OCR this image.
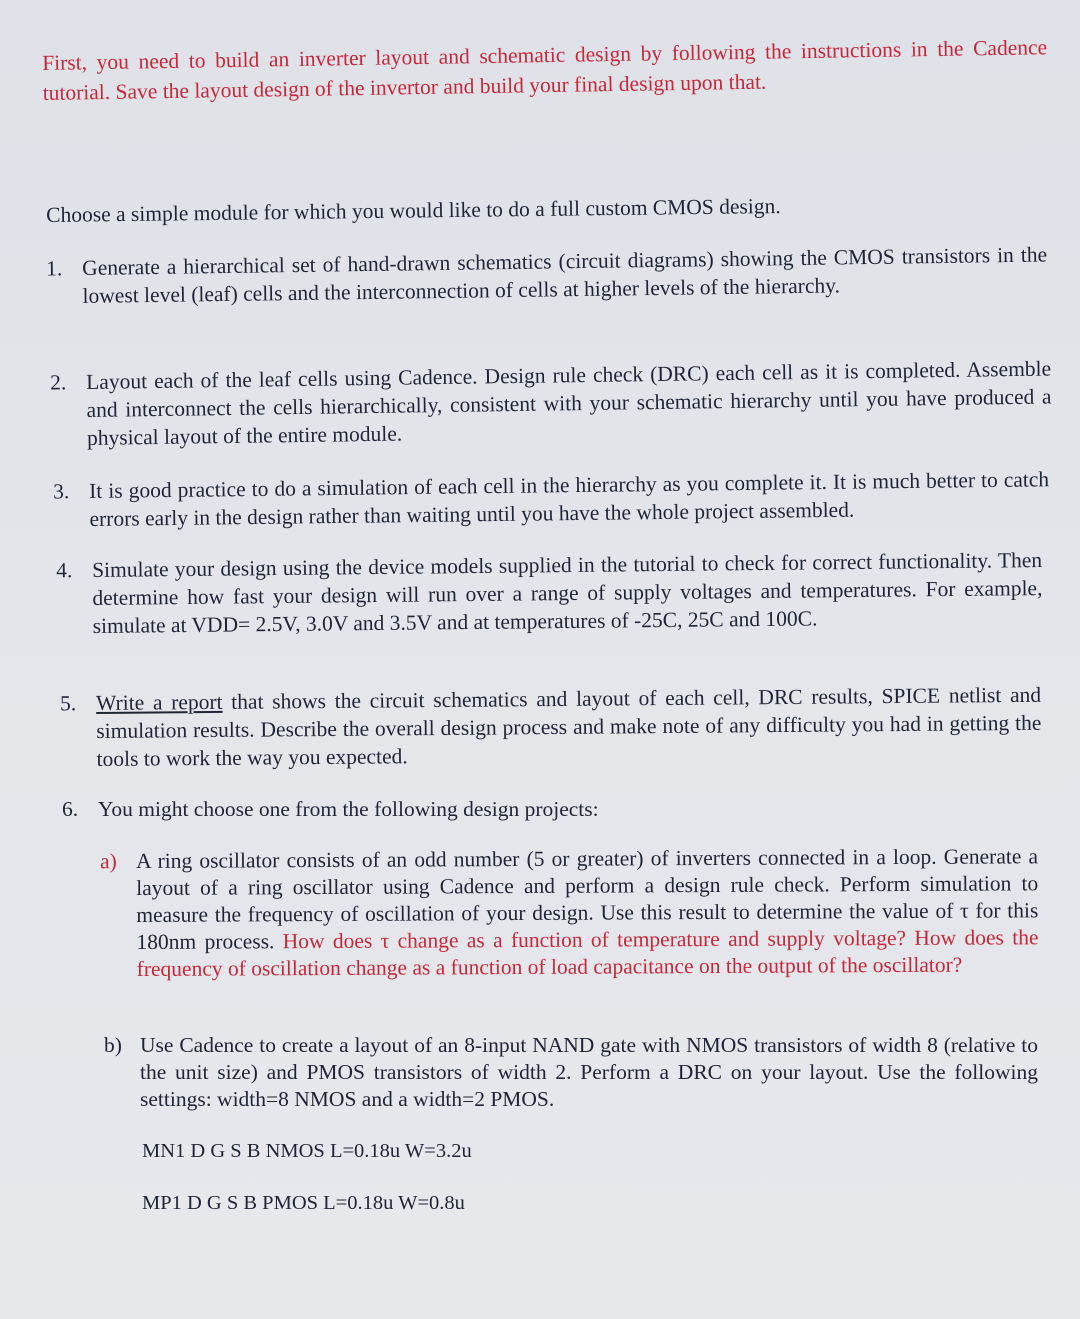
First, you need to build an inverter layout and schematic design by following the instructions in the Cadence tutorial. Save the layout design of the invertor and build your final design upon that.
Choose a simple module for which you would like to do a full custom CMOS design.
1. Generate a hierarchical set of hand-drawn schematics (circuit diagrams) showing the CMOS transistors in the lowest level (leaf) cells and the interconnection of cells at higher levels of the hierarchy.
2. Layout each of the leaf cells using Cadence. Design rule check (DRC) each cell as it is completed. Assemble and interconnect the cells hierarchically, consistent with your schematic hierarchy until you have produced a physical layout of the entire module.
3. It is good practice to do a simulation of each cell in the hierarchy as you complete it. It is much better to catch errors early in the design rather than waiting until you have the whole project assembled.
4. Simulate your design using the device models supplied in the tutorial to check for correct functionality. Then determine how fast your design will run over a range of supply voltages and temperatures. For example, simulate at VDD= 2.5V, 3.0V and 3.5V and at temperatures of -25C, 25C and 100C.
5. Write a report that shows the circuit schematics and layout of each cell, DRC results, SPICE netlist and simulation results. Describe the overall design process and make note of any difficulty you had in getting the tools to work the way you expected.
6. You might choose one from the following design projects:
a) A ring oscillator consists of an odd number (5 or greater) of inverters connected in a loop. Generate a layout of a ring oscillator using Cadence and perform a design rule check. Perform simulation to measure the frequency of oscillation of your design. Use this result to determine the value of τ for this 180nm process. How does τ change as a function of temperature and supply voltage? How does the frequency of oscillation change as a function of load capacitance on the output of the oscillator?
b) Use Cadence to create a layout of an 8-input NAND gate with NMOS transistors of width 8 (relative to the unit size) and PMOS transistors of width 2. Perform a DRC on your layout. Use the following settings: width=8 NMOS and a width=2 PMOS.
MN1 D G S B NMOS L=0.18u W=3.2u
MP1 D G S B PMOS L=0.18u W=0.8u
